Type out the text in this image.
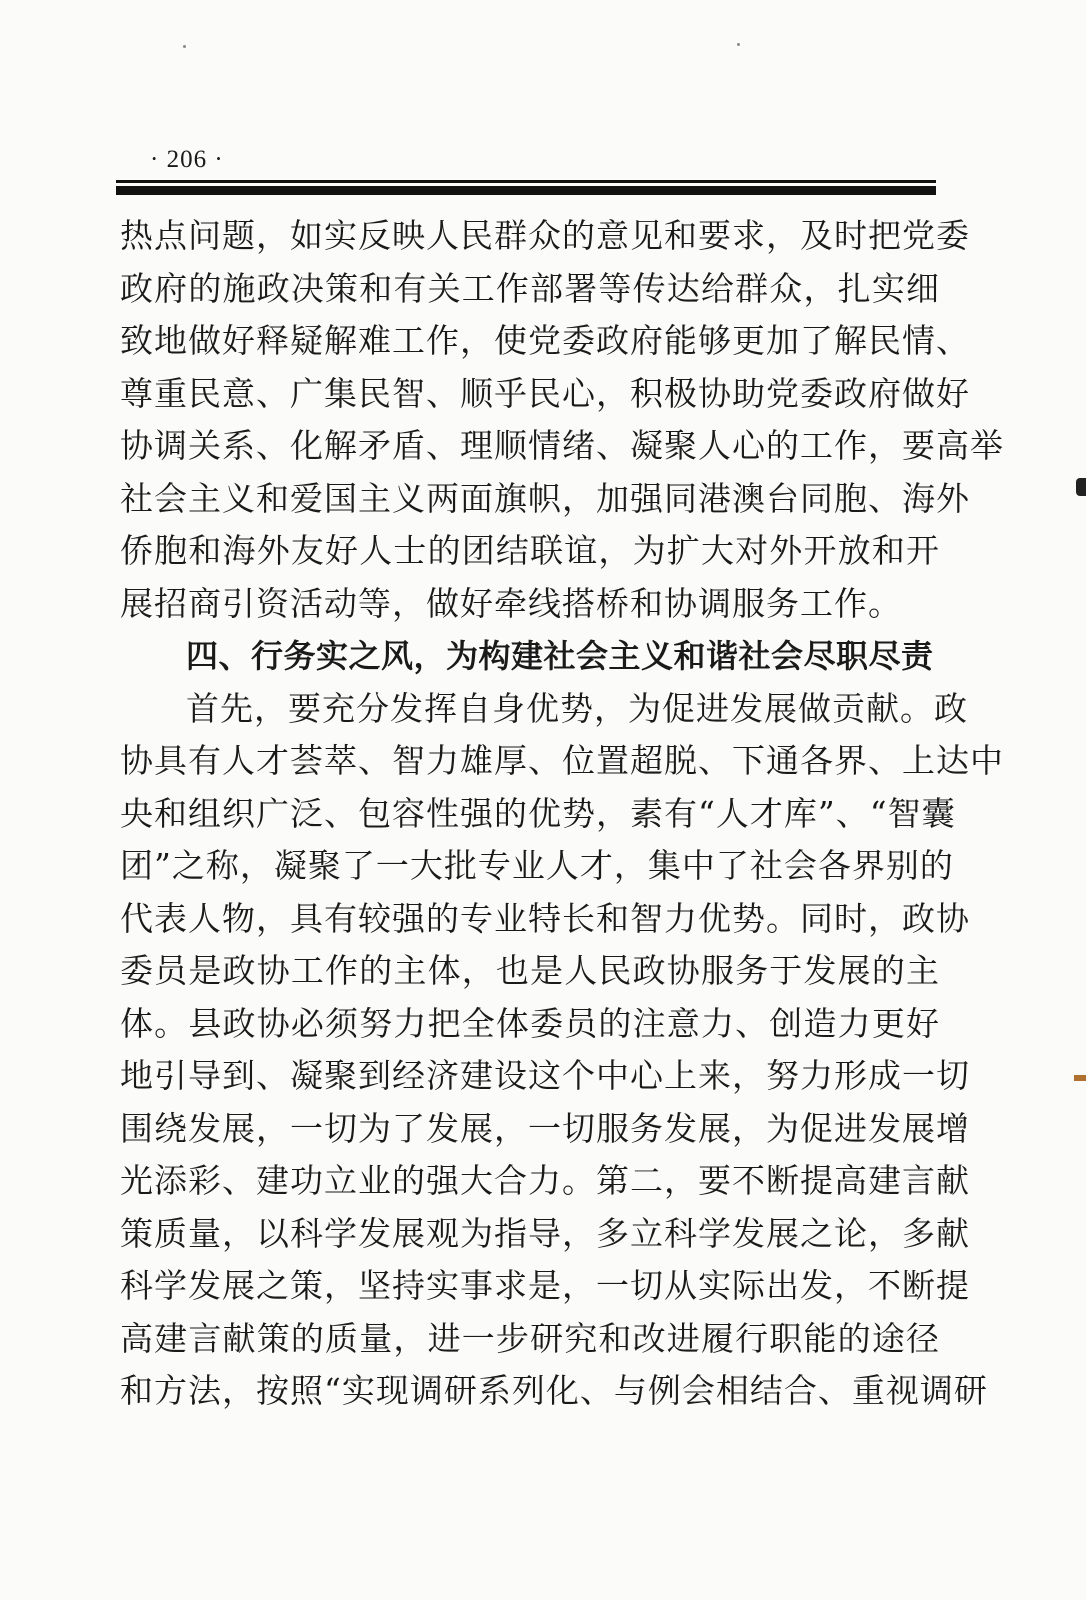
· 206 ·
热点问题，如实反映人民群众的意见和要求，及时把党委
政府的施政决策和有关工作部署等传达给群众，扎实细
致地做好释疑解难工作，使党委政府能够更加了解民情、
尊重民意、广集民智、顺乎民心，积极协助党委政府做好
协调关系、化解矛盾、理顺情绪、凝聚人心的工作，要高举
社会主义和爱国主义两面旗帜，加强同港澳台同胞、海外
侨胞和海外友好人士的团结联谊，为扩大对外开放和开
展招商引资活动等，做好牵线搭桥和协调服务工作。
四、行务实之风，为构建社会主义和谐社会尽职尽责
首先，要充分发挥自身优势，为促进发展做贡献。政
协具有人才荟萃、智力雄厚、位置超脱、下通各界、上达中
央和组织广泛、包容性强的优势，素有“人才库”、“智囊
团”之称，凝聚了一大批专业人才，集中了社会各界别的
代表人物，具有较强的专业特长和智力优势。同时，政协
委员是政协工作的主体，也是人民政协服务于发展的主
体。县政协必须努力把全体委员的注意力、创造力更好
地引导到、凝聚到经济建设这个中心上来，努力形成一切
围绕发展，一切为了发展，一切服务发展，为促进发展增
光添彩、建功立业的强大合力。第二，要不断提高建言献
策质量，以科学发展观为指导，多立科学发展之论，多献
科学发展之策，坚持实事求是，一切从实际出发，不断提
高建言献策的质量，进一步研究和改进履行职能的途径
和方法，按照“实现调研系列化、与例会相结合、重视调研
